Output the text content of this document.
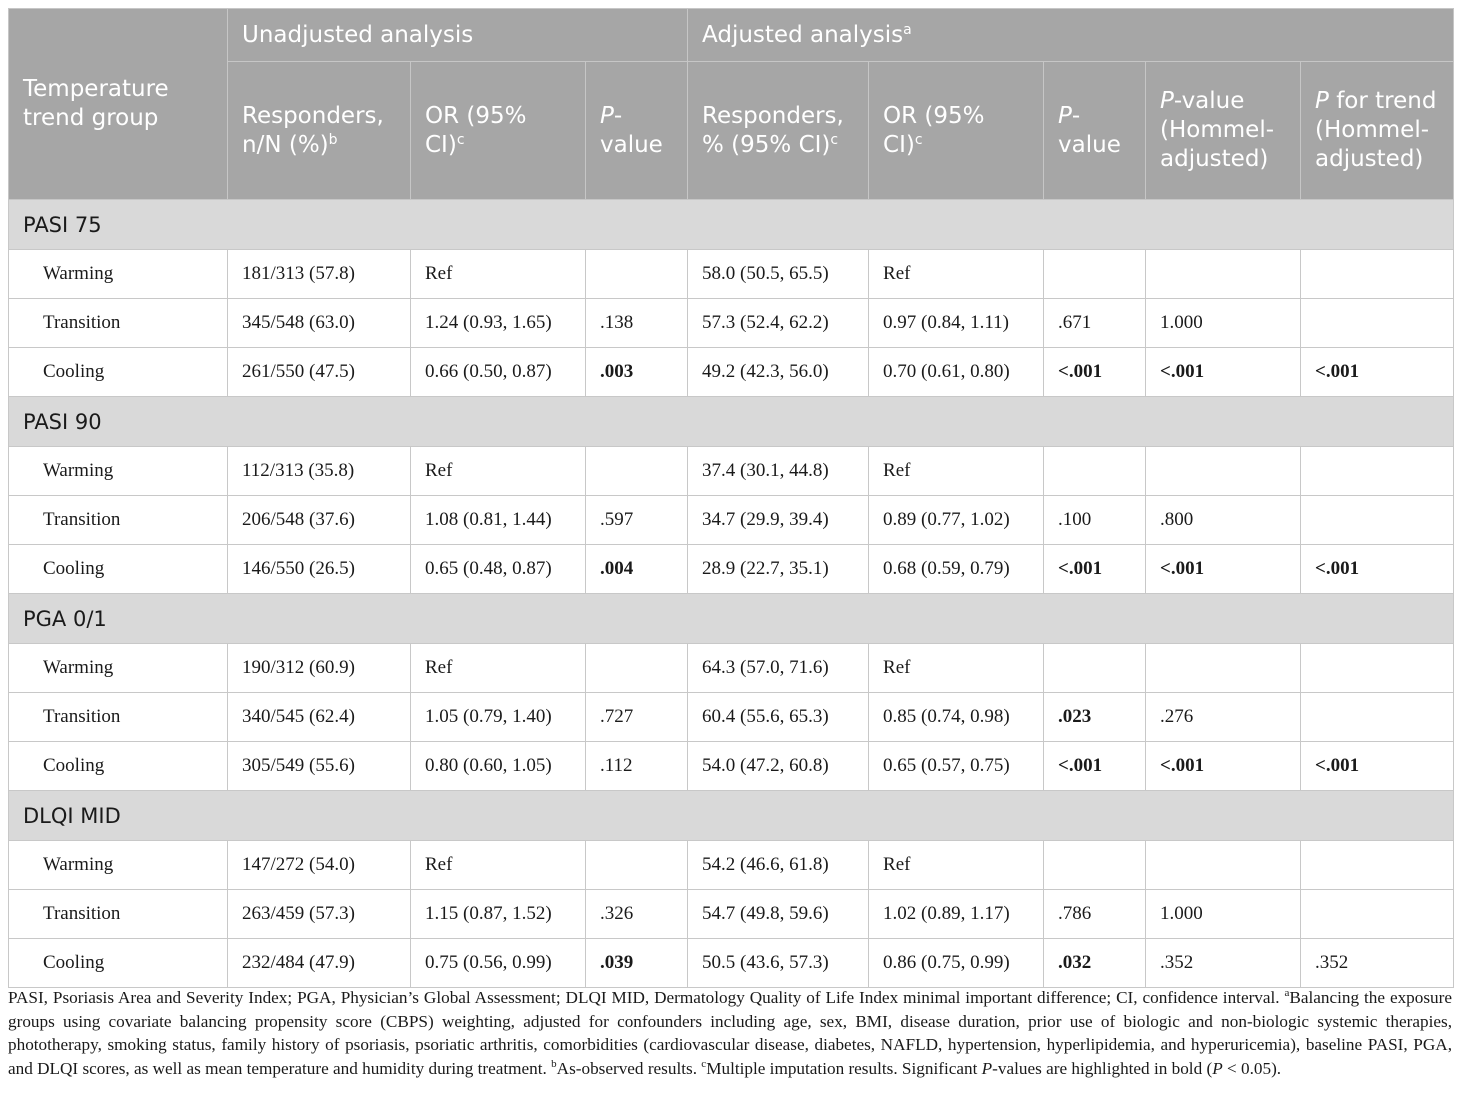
Temperature trend group	Unadjusted analysis			Adjusted analysis$^a$
	Responders, n/N (%)$^b$	OR (95% CI)$^c$	P-value	Responders, % (95% CI)$^c$	OR (95% CI)$^c$	P-value	P-value (Hommel-adjusted)	P for trend (Hommel-adjusted)
PASI 75								
Warming	181/313 (57.8)	Ref		58.0 (50.5, 65.5)	Ref			
Transition	345/548 (63.0)	1.24 (0.93, 1.65)	.138	57.3 (52.4, 62.2)	0.97 (0.84, 1.11)	.671	1.000	
Cooling	261/550 (47.5)	0.66 (0.50, 0.87)	.003	49.2 (42.3, 56.0)	0.70 (0.61, 0.80)	<.001	<.001	<.001
PASI 90								
Warming	112/313 (35.8)	Ref		37.4 (30.1, 44.8)	Ref			
Transition	206/548 (37.6)	1.08 (0.81, 1.44)	.597	34.7 (29.9, 39.4)	0.89 (0.77, 1.02)	.100	.800	
Cooling	146/550 (26.5)	0.65 (0.48, 0.87)	.004	28.9 (22.7, 35.1)	0.68 (0.59, 0.79)	<.001	<.001	<.001
PGA 0/1								
Warming	190/312 (60.9)	Ref		64.3 (57.0, 71.6)	Ref			
Transition	340/545 (62.4)	1.05 (0.79, 1.40)	.727	60.4 (55.6, 65.3)	0.85 (0.74, 0.98)	.023	.276	
Cooling	305/549 (55.6)	0.80 (0.60, 1.05)	.112	54.0 (47.2, 60.8)	0.65 (0.57, 0.75)	<.001	<.001	<.001
DLQI MID								
Warming	147/272 (54.0)	Ref		54.2 (46.6, 61.8)	Ref			
Transition	263/459 (57.3)	1.15 (0.87, 1.52)	.326	54.7 (49.8, 59.6)	1.02 (0.89, 1.17)	.786	1.000	
Cooling	232/484 (47.9)	0.75 (0.56, 0.99)	.039	50.5 (43.6, 57.3)	0.86 (0.75, 0.99)	.032	.352	.352
PASI, Psoriasis Area and Severity Index; PGA, Physician’s Global Assessment; DLQI MID, Dermatology Quality of Life Index minimal important difference; CI, confidence interval. $^a$Balancing the exposure groups using covariate balancing propensity score (CBPS) weighting, adjusted for confounders including age, sex, BMI, disease duration, prior use of biologic and non-biologic systemic therapies, phototherapy, smoking status, family history of psoriasis, psoriatic arthritis, comorbidities (cardiovascular disease, diabetes, NAFLD, hypertension, hyperlipidemia, and hyperuricemia), baseline PASI, PGA, and DLQI scores, as well as mean temperature and humidity during treatment. $^b$As-observed results. $^c$Multiple imputation results. Significant P-values are highlighted in bold (P < 0.05).
